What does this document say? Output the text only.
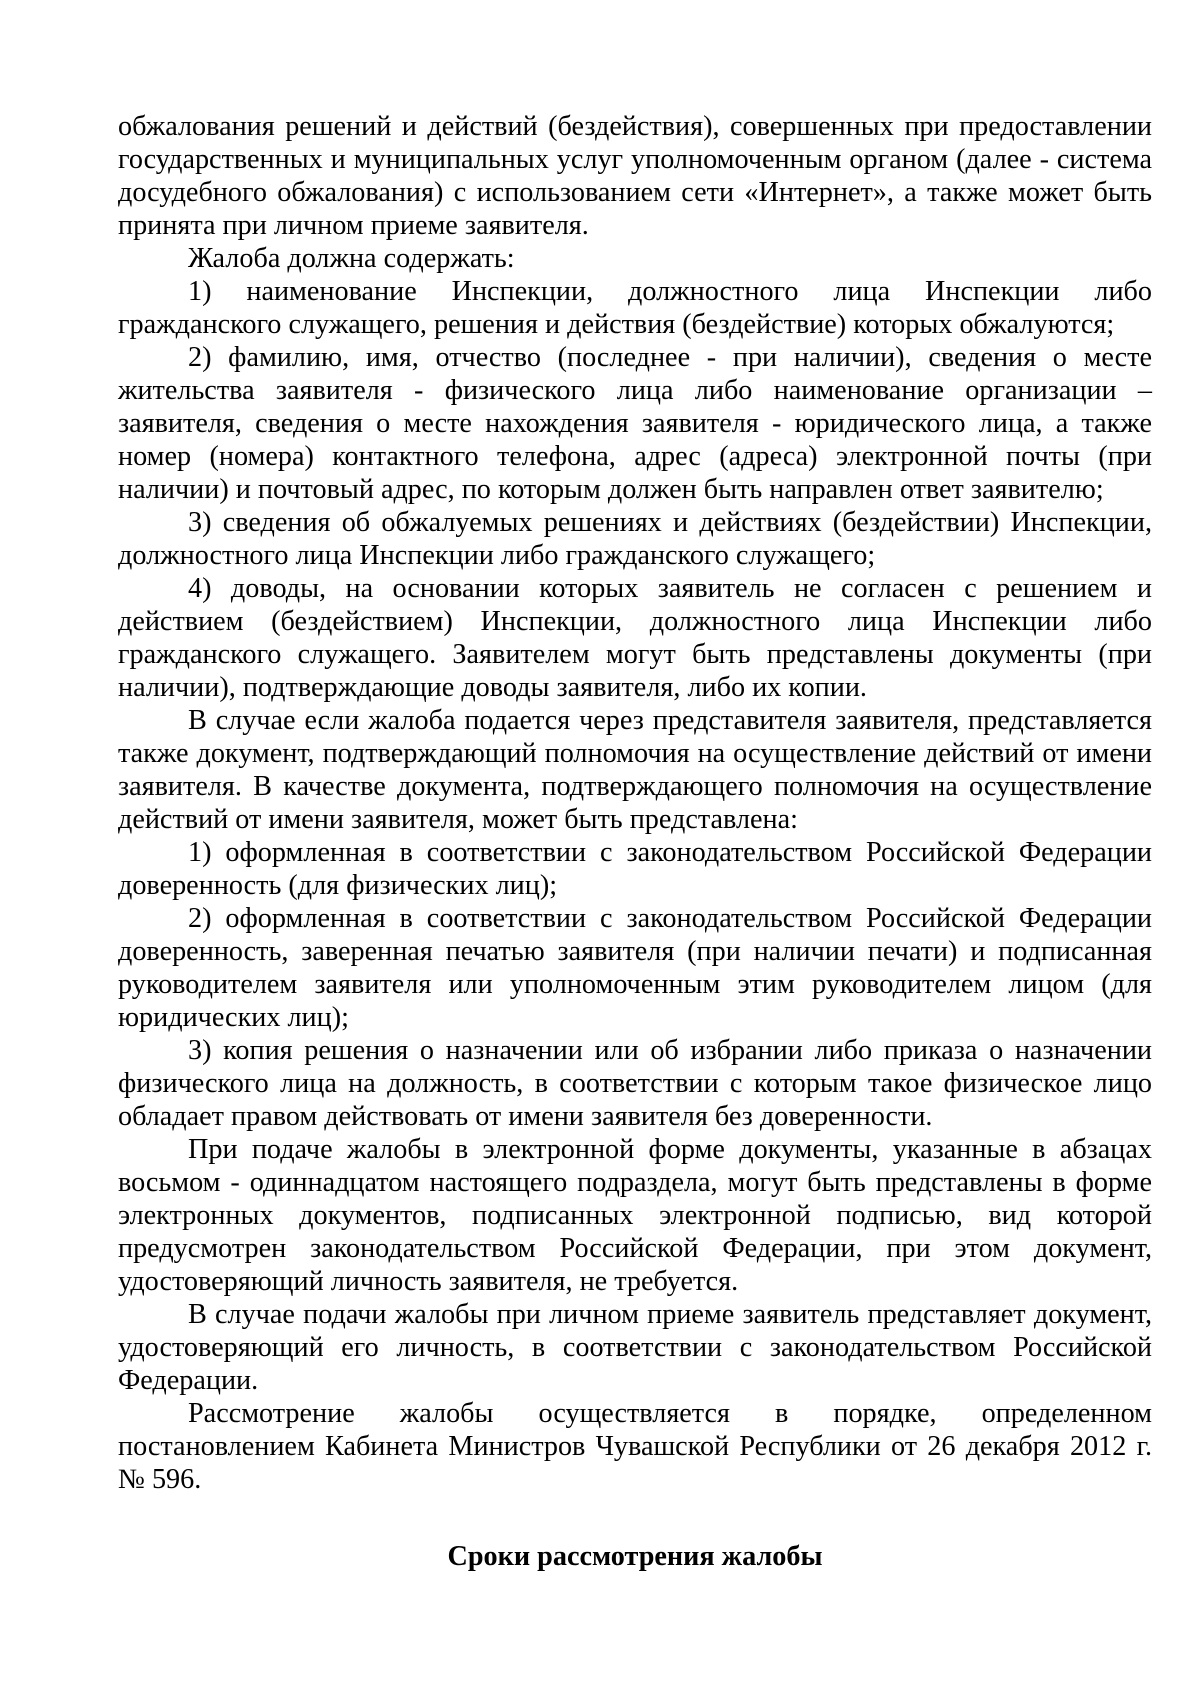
обжалования решений и действий (бездействия), совершенных при предоставлении государственных и муниципальных услуг уполномоченным органом (далее - система досудебного обжалования) с использованием сети «Интернет», а также может быть принята при личном приеме заявителя.

Жалоба должна содержать:

1) наименование Инспекции, должностного лица Инспекции либо гражданского служащего, решения и действия (бездействие) которых обжалуются;

2) фамилию, имя, отчество (последнее - при наличии), сведения о месте жительства заявителя - физического лица либо наименование организации – заявителя, сведения о месте нахождения заявителя - юридического лица, а также номер (номера) контактного телефона, адрес (адреса) электронной почты (при наличии) и почтовый адрес, по которым должен быть направлен ответ заявителю;

3) сведения об обжалуемых решениях и действиях (бездействии) Инспекции, должностного лица Инспекции либо гражданского служащего;

4) доводы, на основании которых заявитель не согласен с решением и действием (бездействием) Инспекции, должностного лица Инспекции либо гражданского служащего. Заявителем могут быть представлены документы (при наличии), подтверждающие доводы заявителя, либо их копии.

В случае если жалоба подается через представителя заявителя, представляется также документ, подтверждающий полномочия на осуществление действий от имени заявителя. В качестве документа, подтверждающего полномочия на осуществление действий от имени заявителя, может быть представлена:

1) оформленная в соответствии с законодательством Российской Федерации доверенность (для физических лиц);

2) оформленная в соответствии с законодательством Российской Федерации доверенность, заверенная печатью заявителя (при наличии печати) и подписанная руководителем заявителя или уполномоченным этим руководителем лицом (для юридических лиц);

3) копия решения о назначении или об избрании либо приказа о назначении физического лица на должность, в соответствии с которым такое физическое лицо обладает правом действовать от имени заявителя без доверенности.

При подаче жалобы в электронной форме документы, указанные в абзацах восьмом - одиннадцатом настоящего подраздела, могут быть представлены в форме электронных документов, подписанных электронной подписью, вид которой предусмотрен законодательством Российской Федерации, при этом документ, удостоверяющий личность заявителя, не требуется.

В случае подачи жалобы при личном приеме заявитель представляет документ, удостоверяющий его личность, в соответствии с законодательством Российской Федерации.

Рассмотрение жалобы осуществляется в порядке, определенном постановлением Кабинета Министров Чувашской Республики от 26 декабря 2012 г. № 596.

Сроки рассмотрения жалобы
